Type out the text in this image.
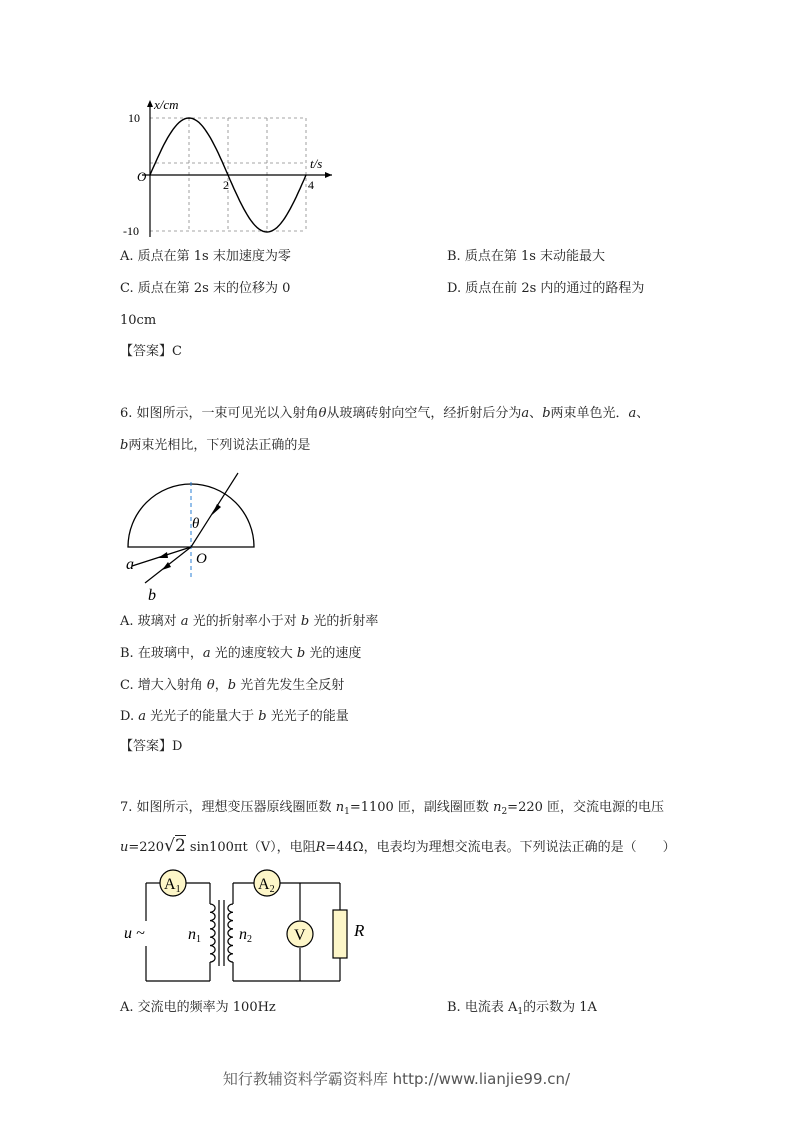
x/cm
t/s
O
10
-10
2	4
A. 质点在第 1s 末加速度为零	B. 质点在第 1s 末动能最大
C. 质点在第 2s 末的位移为 0	D. 质点在前 2s 内的通过的路程为
10cm
【答案】C
6. 如图所示，一束可见光以入射角θ从玻璃砖射向空气，经折射后分为a、b两束单色光．a、
b两束光相比，下列说法正确的是
θ
O
a
b
A. 玻璃对 a 光的折射率小于对 b 光的折射率
B. 在玻璃中，a 光的速度较大 b 光的速度
C. 增大入射角 θ，b 光首先发生全反射
D. a 光光子的能量大于 b 光光子的能量
【答案】D
7. 如图所示，理想变压器原线圈匝数 $n_1=1100$ 匝，副线圈匝数 $n_2=220$ 匝，交流电源的电压
u=220√2 sin100πt（V），电阻R=44Ω，电表均为理想交流电表。下列说法正确的是（　　）
A1	A2
V
u ~	n1 n2	R
A. 交流电的频率为 100Hz	B. 电流表 $A_1$的示数为 1A
知行教辅资料学霸资料库 http://www.lianjie99.cn/
